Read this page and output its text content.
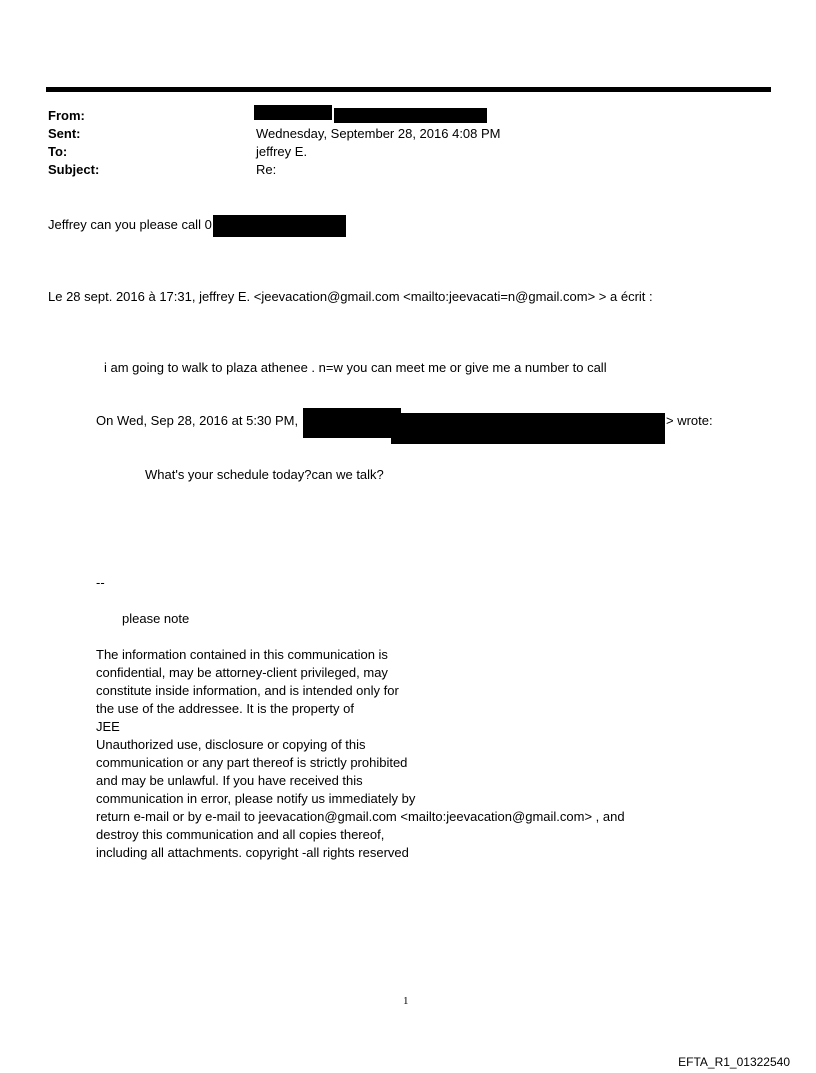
From:
Sent:
To:
Subject:
Wednesday, September 28, 2016 4:08 PM
jeffrey E.
Re:
Jeffrey can you please call 0
Le 28 sept. 2016 à 17:31, jeffrey E. <jeevacation@gmail.com <mailto:jeevacati=n@gmail.com> > a écrit :
i am going to walk to plaza athenee . n=w you can meet me or give me a number to call
On Wed, Sep 28, 2016 at 5:30 PM,	> wrote:
What's your schedule today?can we talk?
--
please note
The information contained in this communication is
confidential, may be attorney-client privileged, may
constitute inside information, and is intended only for
the use of the addressee. It is the property of
JEE
Unauthorized use, disclosure or copying of this
communication or any part thereof is strictly prohibited
and may be unlawful. If you have received this
communication in error, please notify us immediately by
return e-mail or by e-mail to jeevacation@gmail.com <mailto:jeevacation@gmail.com> , and
destroy this communication and all copies thereof,
including all attachments. copyright -all rights reserved
1
EFTA_R1_01322540
